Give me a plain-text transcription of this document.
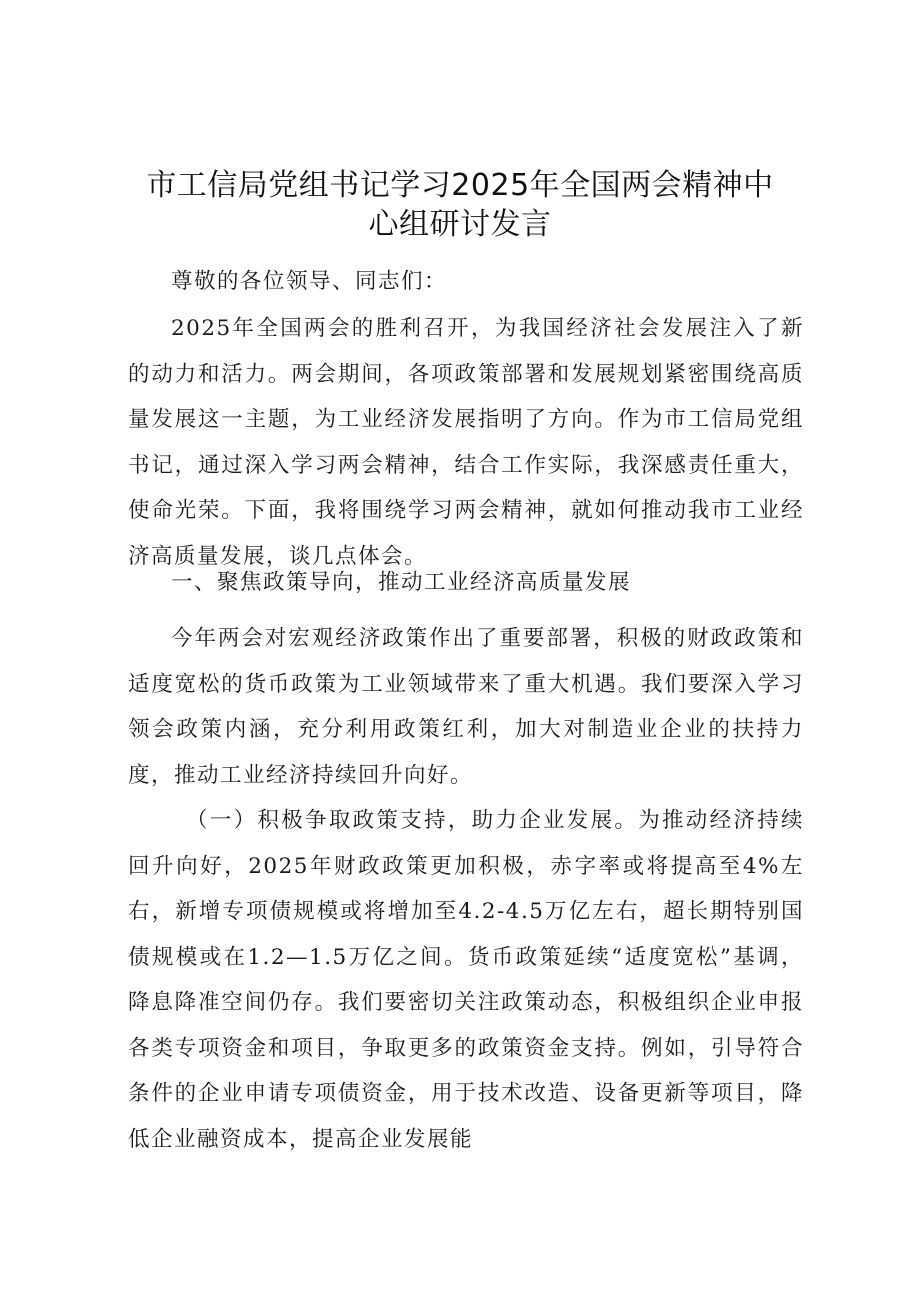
市工信局党组书记学习2025年全国两会精神中
心组研讨发言

尊敬的各位领导、同志们：

2025年全国两会的胜利召开，为我国经济社会发展注入了新的动力和活力。两会期间，各项政策部署和发展规划紧密围绕高质量发展这一主题，为工业经济发展指明了方向。作为市工信局党组书记，通过深入学习两会精神，结合工作实际，我深感责任重大，使命光荣。下面，我将围绕学习两会精神，就如何推动我市工业经济高质量发展，谈几点体会。

一、聚焦政策导向，推动工业经济高质量发展

今年两会对宏观经济政策作出了重要部署，积极的财政政策和适度宽松的货币政策为工业领域带来了重大机遇。我们要深入学习领会政策内涵，充分利用政策红利，加大对制造业企业的扶持力度，推动工业经济持续回升向好。

（一）积极争取政策支持，助力企业发展。为推动经济持续回升向好，2025年财政政策更加积极，赤字率或将提高至4%左右，新增专项债规模或将增加至4.2-4.5万亿左右，超长期特别国债规模或在1.2—1.5万亿之间。货币政策延续“适度宽松”基调，降息降准空间仍存。我们要密切关注政策动态，积极组织企业申报各类专项资金和项目，争取更多的政策资金支持。例如，引导符合条件的企业申请专项债资金，用于技术改造、设备更新等项目，降低企业融资成本，提高企业发展能
